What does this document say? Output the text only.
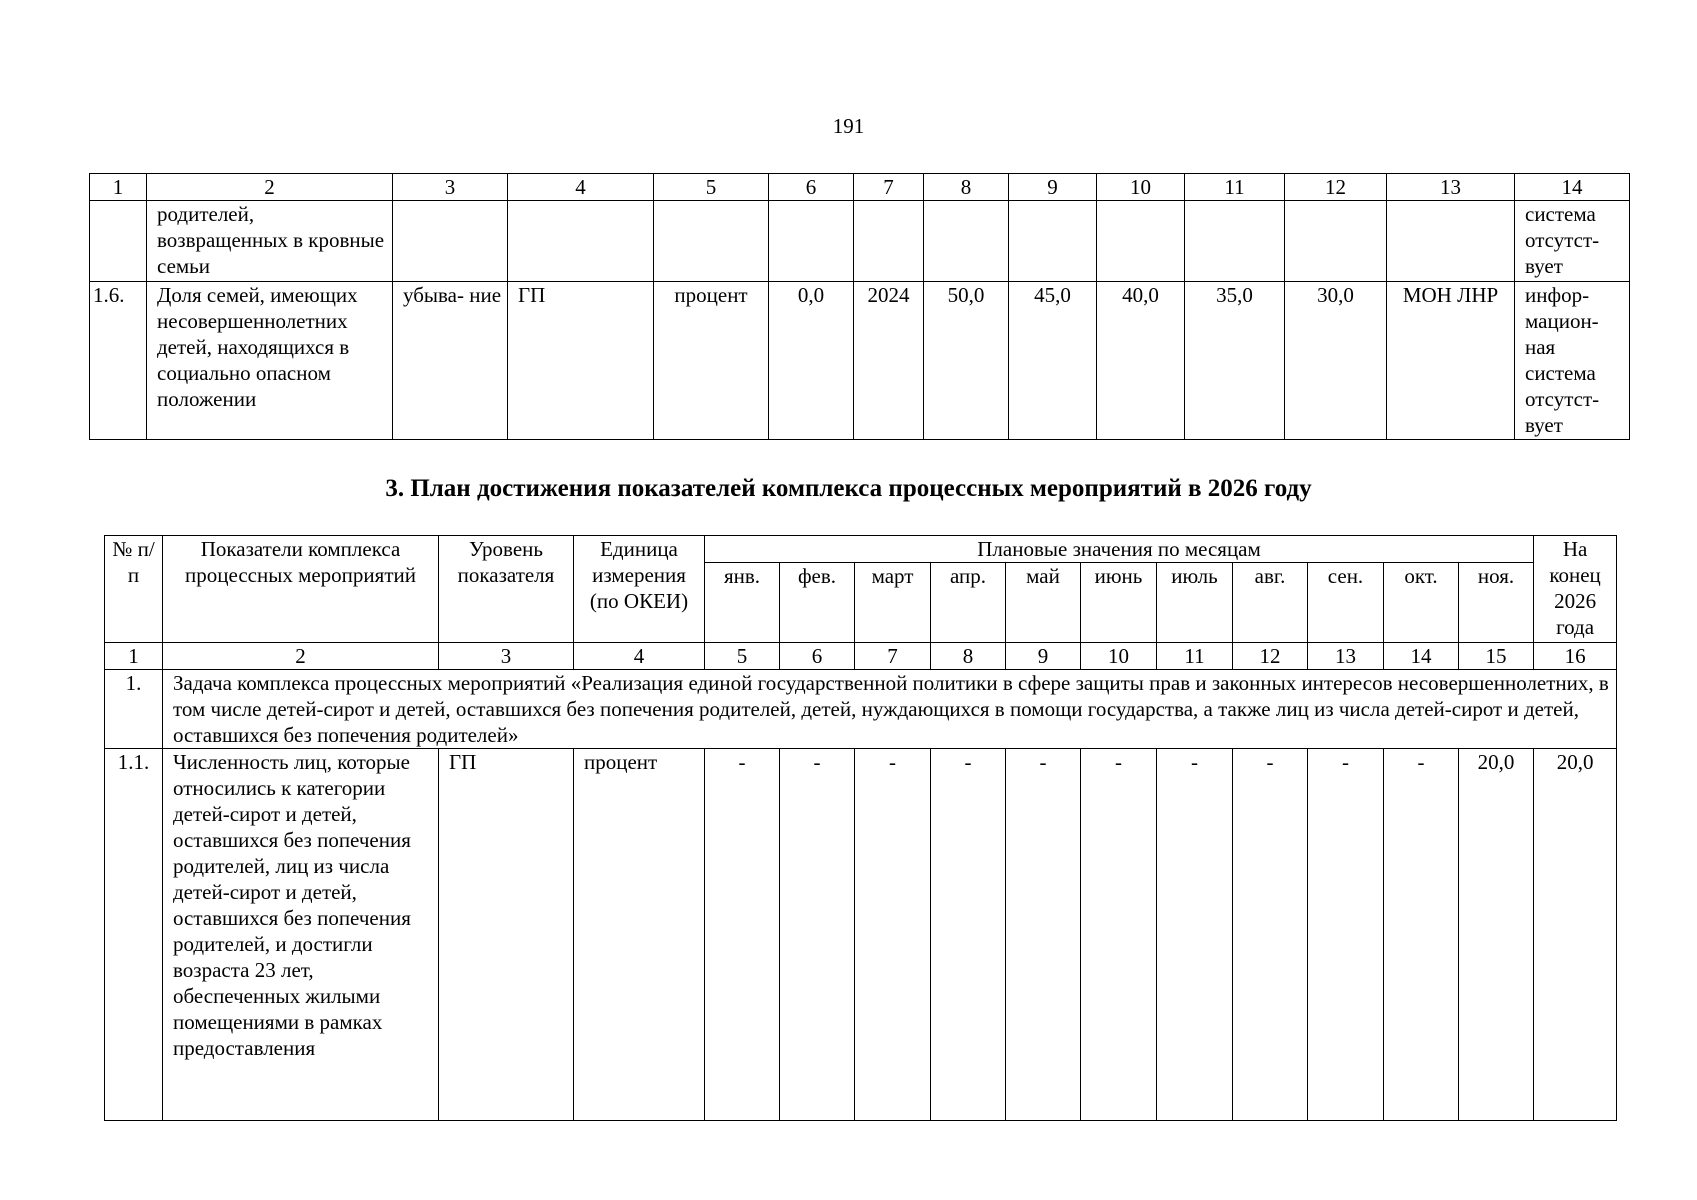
191
1	2	3	4	5	6	7	8	9	10	11	12	13	14
	родителей, возвращенных в кровные семьи												система отсутст- вует
1.6.	Доля семей, имеющих несовершеннолетних детей, находящихся в социально опасном положении	убыва- ние	ГП	процент	0,0	2024	50,0	45,0	40,0	35,0	30,0	МОН ЛНР	инфор- мацион- ная система отсутст- вует
3. План достижения показателей комплекса процессных мероприятий в 2026 году
№ п/п	Показатели комплекса процессных мероприятий	Уровень показателя	Единица измерения (по ОКЕИ)	Плановые значения по месяцам											На конец 2026 года
				янв.	фев.	март	апр.	май	июнь	июль	авг.	сен.	окт.	ноя.	
1	2	3	4	5	6	7	8	9	10	11	12	13	14	15	16
1.	Задача комплекса процессных мероприятий «Реализация единой государственной политики в сфере защиты прав и законных интересов несовершеннолетних, в том числе детей-сирот и детей, оставшихся без попечения родителей, детей, нуждающихся в помощи государства, а также лиц из числа детей-сирот и детей, оставшихся без попечения родителей»														
1.1.	Численность лиц, которые относились к категории детей-сирот и детей, оставшихся без попечения родителей, лиц из числа детей-сирот и детей, оставшихся без попечения родителей, и достигли возраста 23 лет, обеспеченных жилыми помещениями в рамках предоставления	ГП	процент	-	-	-	-	-	-	-	-	-	-	20,0	20,0
